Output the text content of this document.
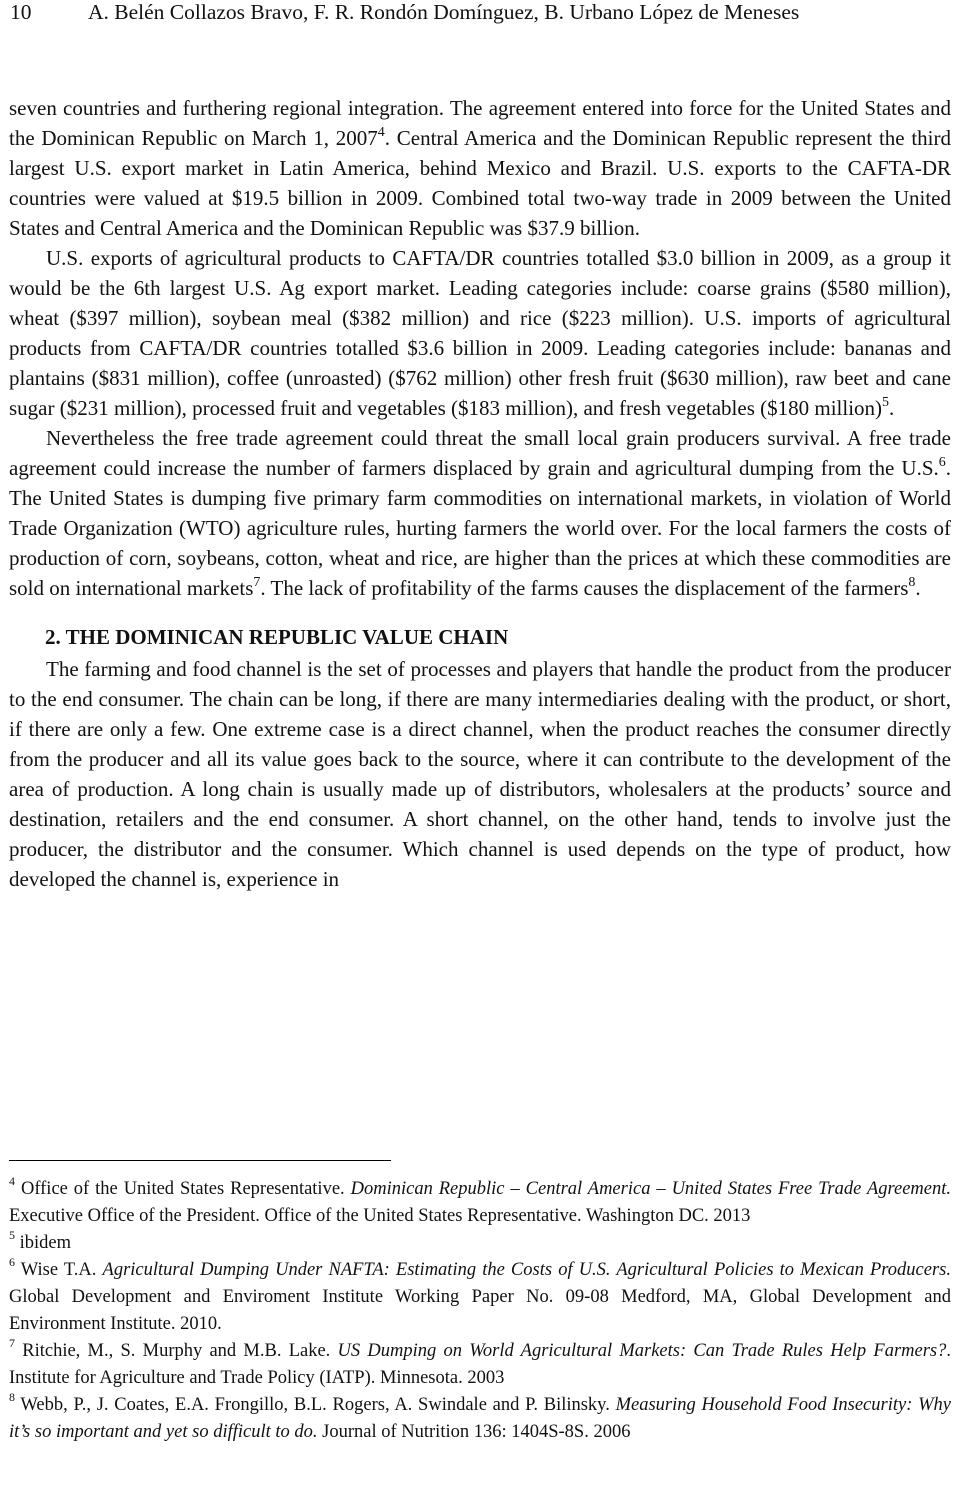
10	A. Belén Collazos Bravo, F. R. Rondón Domínguez, B. Urbano López de Meneses

seven countries and furthering regional integration. The agreement entered into force for the United States and the Dominican Republic on March 1, 2007$^4$. Central America and the Dominican Republic represent the third largest U.S. export market in Latin America, behind Mexico and Brazil. U.S. exports to the CAFTA-DR countries were valued at $19.5 billion in 2009. Combined total two-way trade in 2009 between the United States and Central America and the Dominican Republic was $37.9 billion.

U.S. exports of agricultural products to CAFTA/DR countries totalled $3.0 billion in 2009, as a group it would be the 6th largest U.S. Ag export market. Leading categories include: coarse grains ($580 million), wheat ($397 million), soybean meal ($382 million) and rice ($223 million). U.S. imports of agricultural products from CAFTA/DR countries totalled $3.6 billion in 2009. Leading categories include: bananas and plantains ($831 million), coffee (unroasted) ($762 million) other fresh fruit ($630 million), raw beet and cane sugar ($231 million), processed fruit and vegetables ($183 million), and fresh vegetables ($180 million)$^5$.

Nevertheless the free trade agreement could threat the small local grain producers survival. A free trade agreement could increase the number of farmers displaced by grain and agricultural dumping from the U.S.$^6$. The United States is dumping five primary farm commodities on international markets, in violation of World Trade Organization (WTO) agriculture rules, hurting farmers the world over. For the local farmers the costs of production of corn, soybeans, cotton, wheat and rice, are higher than the prices at which these commodities are sold on international markets$^7$. The lack of profitability of the farms causes the displacement of the farmers$^8$.

2. THE DOMINICAN REPUBLIC VALUE CHAIN

The farming and food channel is the set of processes and players that handle the product from the producer to the end consumer. The chain can be long, if there are many intermediaries dealing with the product, or short, if there are only a few. One extreme case is a direct channel, when the product reaches the consumer directly from the producer and all its value goes back to the source, where it can contribute to the development of the area of production. A long chain is usually made up of distributors, wholesalers at the products’ source and destination, retailers and the end consumer. A short channel, on the other hand, tends to involve just the producer, the distributor and the consumer. Which channel is used depends on the type of product, how developed the channel is, experience in

$^4$ Office of the United States Representative. Dominican Republic – Central America – United States Free Trade Agreement. Executive Office of the President. Office of the United States Representative. Washington DC. 2013

$^5$ ibidem

$^6$ Wise T.A. Agricultural Dumping Under NAFTA: Estimating the Costs of U.S. Agricultural Policies to Mexican Producers. Global Development and Enviroment Institute Working Paper No. 09-08 Medford, MA, Global Development and Environment Institute. 2010.

$^7$ Ritchie, M., S. Murphy and M.B. Lake. US Dumping on World Agricultural Markets: Can Trade Rules Help Farmers?. Institute for Agriculture and Trade Policy (IATP). Minnesota. 2003

$^8$ Webb, P., J. Coates, E.A. Frongillo, B.L. Rogers, A. Swindale and P. Bilinsky. Measuring Household Food Insecurity: Why it’s so important and yet so difficult to do. Journal of Nutrition 136: 1404S-8S. 2006
